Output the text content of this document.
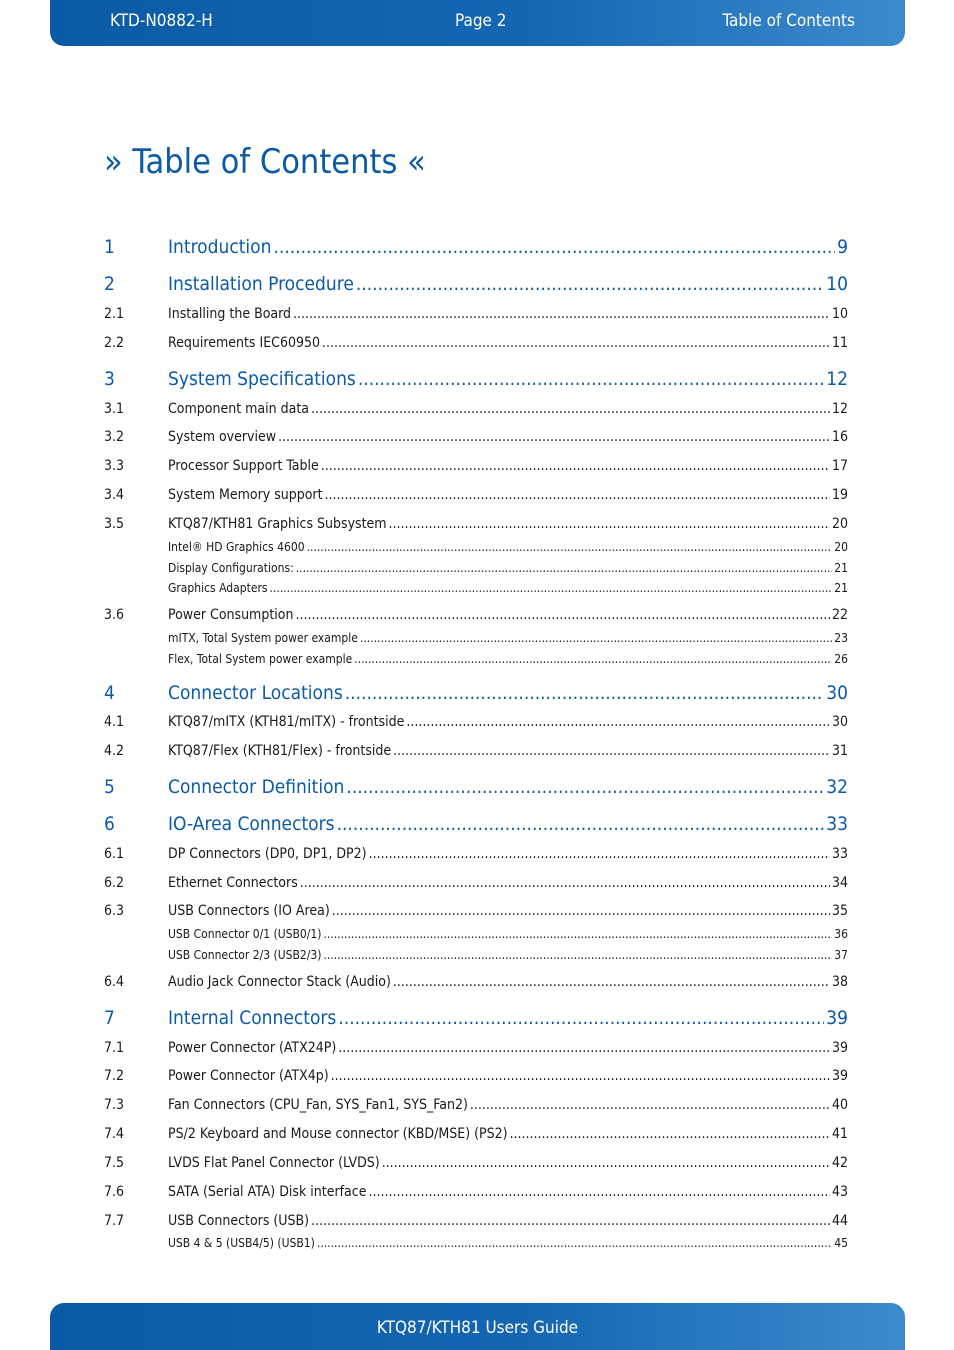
KTD-N0882-H	Page 2	Table of Contents
» Table of Contents «
1	Introduction .....	9
2	Installation Procedure .....	10
2.1	Installing the Board .....	10
2.2	Requirements IEC60950 .....	11
3	System Specifications .....	12
3.1	Component main data .....	12
3.2	System overview .....	16
3.3	Processor Support Table .....	17
3.4	System Memory support .....	19
3.5	KTQ87/KTH81 Graphics Subsystem .....	20
Intel® HD Graphics 4600 .....	20
Display Configurations: .....	21
Graphics Adapters .....	21
3.6	Power Consumption .....	22
mITX, Total System power example .....	23
Flex, Total System power example .....	26
4	Connector Locations .....	30
4.1	KTQ87/mITX (KTH81/mITX) - frontside .....	30
4.2	KTQ87/Flex (KTH81/Flex) - frontside .....	31
5	Connector Definition .....	32
6	IO-Area Connectors .....	33
6.1	DP Connectors (DP0, DP1, DP2) .....	33
6.2	Ethernet Connectors .....	34
6.3	USB Connectors (IO Area) .....	35
USB Connector 0/1 (USB0/1) .....	36
USB Connector 2/3 (USB2/3) .....	37
6.4	Audio Jack Connector Stack (Audio) .....	38
7	Internal Connectors .....	39
7.1	Power Connector (ATX24P) .....	39
7.2	Power Connector (ATX4p) .....	39
7.3	Fan Connectors (CPU_Fan, SYS_Fan1, SYS_Fan2) .....	40
7.4	PS/2 Keyboard and Mouse connector (KBD/MSE) (PS2) .....	41
7.5	LVDS Flat Panel Connector (LVDS) .....	42
7.6	SATA (Serial ATA) Disk interface .....	43
7.7	USB Connectors (USB) .....	44
USB 4 & 5 (USB4/5) (USB1) .....	45
KTQ87/KTH81 Users Guide
